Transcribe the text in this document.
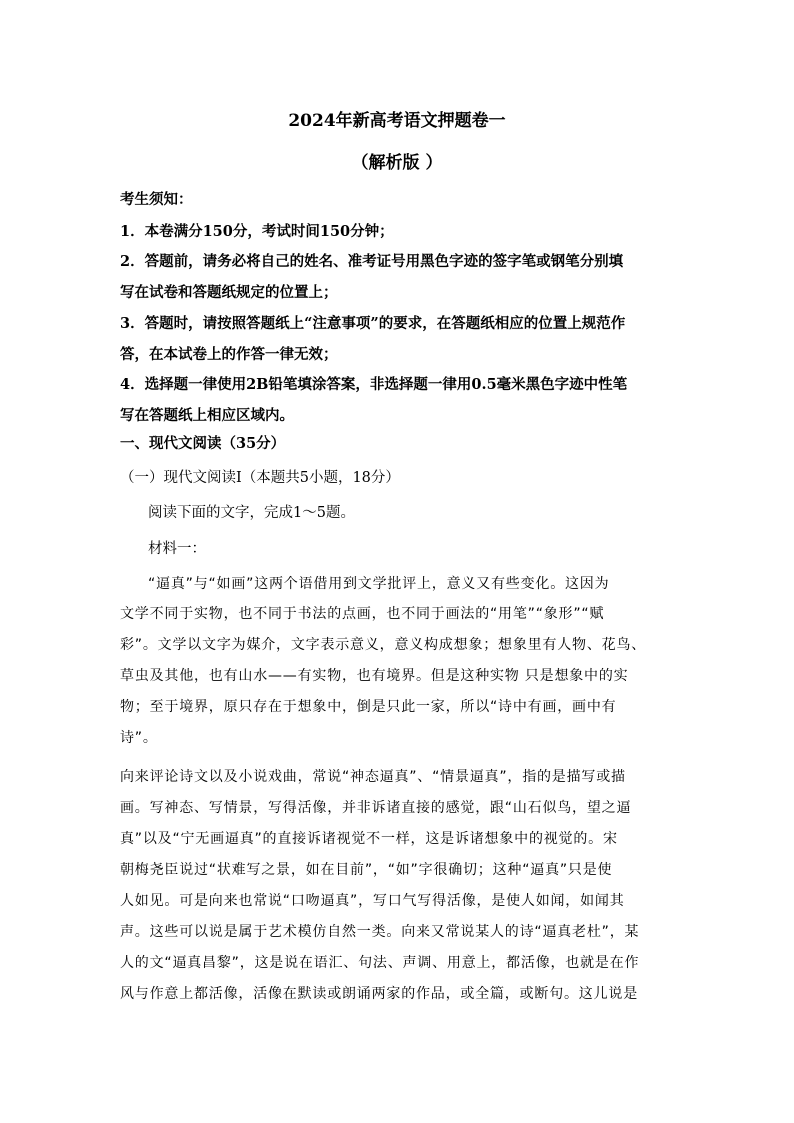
2024年新高考语文押题卷一
（解析版 ）
考生须知：
1．本卷满分150分，考试时间150分钟；
2．答题前，请务必将自己的姓名、准考证号用黑色字迹的签字笔或钢笔分别填
写在试卷和答题纸规定的位置上；
3．答题时，请按照答题纸上“注意事项”的要求，在答题纸相应的位置上规范作
答，在本试卷上的作答一律无效；
4．选择题一律使用2B铅笔填涂答案，非选择题一律用0.5毫米黑色字迹中性笔
写在答题纸上相应区域内。
一、现代文阅读（35分）
（一）现代文阅读Ⅰ（本题共5小题，18分）
阅读下面的文字，完成1～5题。
材料一：
“逼真”与“如画”这两个语借用到文学批评上，意义又有些变化。这因为
文学不同于实物，也不同于书法的点画，也不同于画法的“用笔”“象形”“赋
彩”。文学以文字为媒介，文字表示意义，意义构成想象；想象里有人物、花鸟、
草虫及其他，也有山水——有实物，也有境界。但是这种实物 只是想象中的实
物；至于境界，原只存在于想象中，倒是只此一家，所以“诗中有画，画中有
诗”。
向来评论诗文以及小说戏曲，常说“神态逼真”、“情景逼真”，指的是描写或描
画。写神态、写情景，写得活像，并非诉诸直接的感觉，跟“山石似鸟，望之逼
真”以及“宁无画逼真”的直接诉诸视觉不一样，这是诉诸想象中的视觉的。宋
朝梅尧臣说过“状难写之景，如在目前”，“如”字很确切；这种“逼真”只是使
人如见。可是向来也常说“口吻逼真”，写口气写得活像，是使人如闻，如闻其
声。这些可以说是属于艺术模仿自然一类。向来又常说某人的诗“逼真老杜”，某
人的文“逼真昌黎”，这是说在语汇、句法、声调、用意上，都活像，也就是在作
风与作意上都活像，活像在默读或朗诵两家的作品，或全篇，或断句。这儿说是
